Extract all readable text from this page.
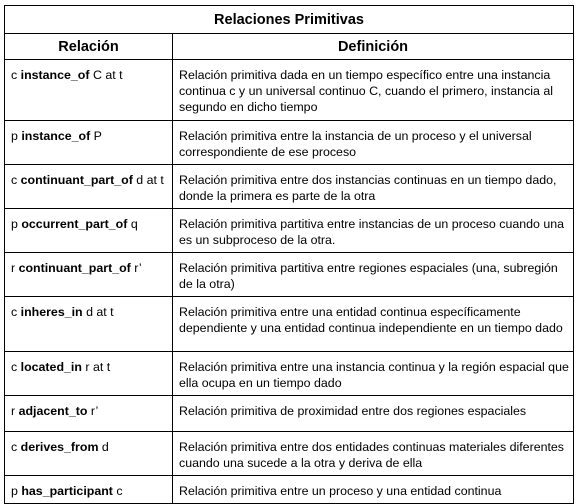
Relaciones Primitivas	
Relación	Definición
c instance_of C at t	Relación primitiva dada en un tiempo específico entre una instancia continua c y un universal continuo C, cuando el primero, instancia al segundo en dicho tiempo
p instance_of P	Relación primitiva entre la instancia de un proceso y el universal correspondiente de ese proceso
c continuant_part_of d at t	Relación primitiva entre dos instancias continuas en un tiempo dado, donde la primera es parte de la otra
p occurrent_part_of q	Relación primitiva partitiva entre instancias de un proceso cuando una es un subproceso de la otra.
r continuant_part_of r’	Relación primitiva partitiva entre regiones espaciales (una, subregión de la otra)
c inheres_in d at t	Relación primitiva entre una entidad continua específicamente dependiente y una entidad continua independiente en un tiempo dado
c located_in r at t	Relación primitiva entre una instancia continua y la región espacial que ella ocupa en un tiempo dado
r adjacent_to r’	Relación primitiva de proximidad entre dos regiones espaciales
c derives_from d	Relación primitiva entre dos entidades continuas materiales diferentes cuando una sucede a la otra y deriva de ella
p has_participant c	Relación primitiva entre un proceso y una entidad continua
